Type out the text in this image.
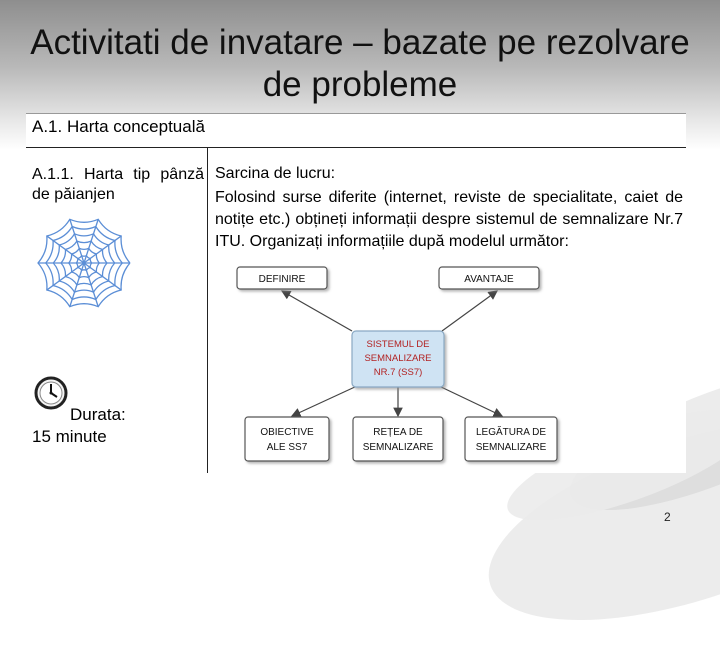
Activitati de invatare – bazate pe rezolvare de probleme
A.1. Harta conceptuală
A.1.1. Harta tip pânză
de păianjen
Durata:
15 minute
Sarcina de lucru:
Folosind surse diferite (internet, reviste de specialitate, caiet de notițe etc.) obțineți informații despre sistemul de semnalizare Nr.7 ITU. Organizați informațiile după modelul următor:
DEFINIRE	AVANTAJE
SISTEMUL DE
SEMNALIZARE
NR.7 (SS7)
OBIECTIVE
ALE SS7
REȚEA DE
SEMNALIZARE
LEGĂTURA DE
SEMNALIZARE
2
